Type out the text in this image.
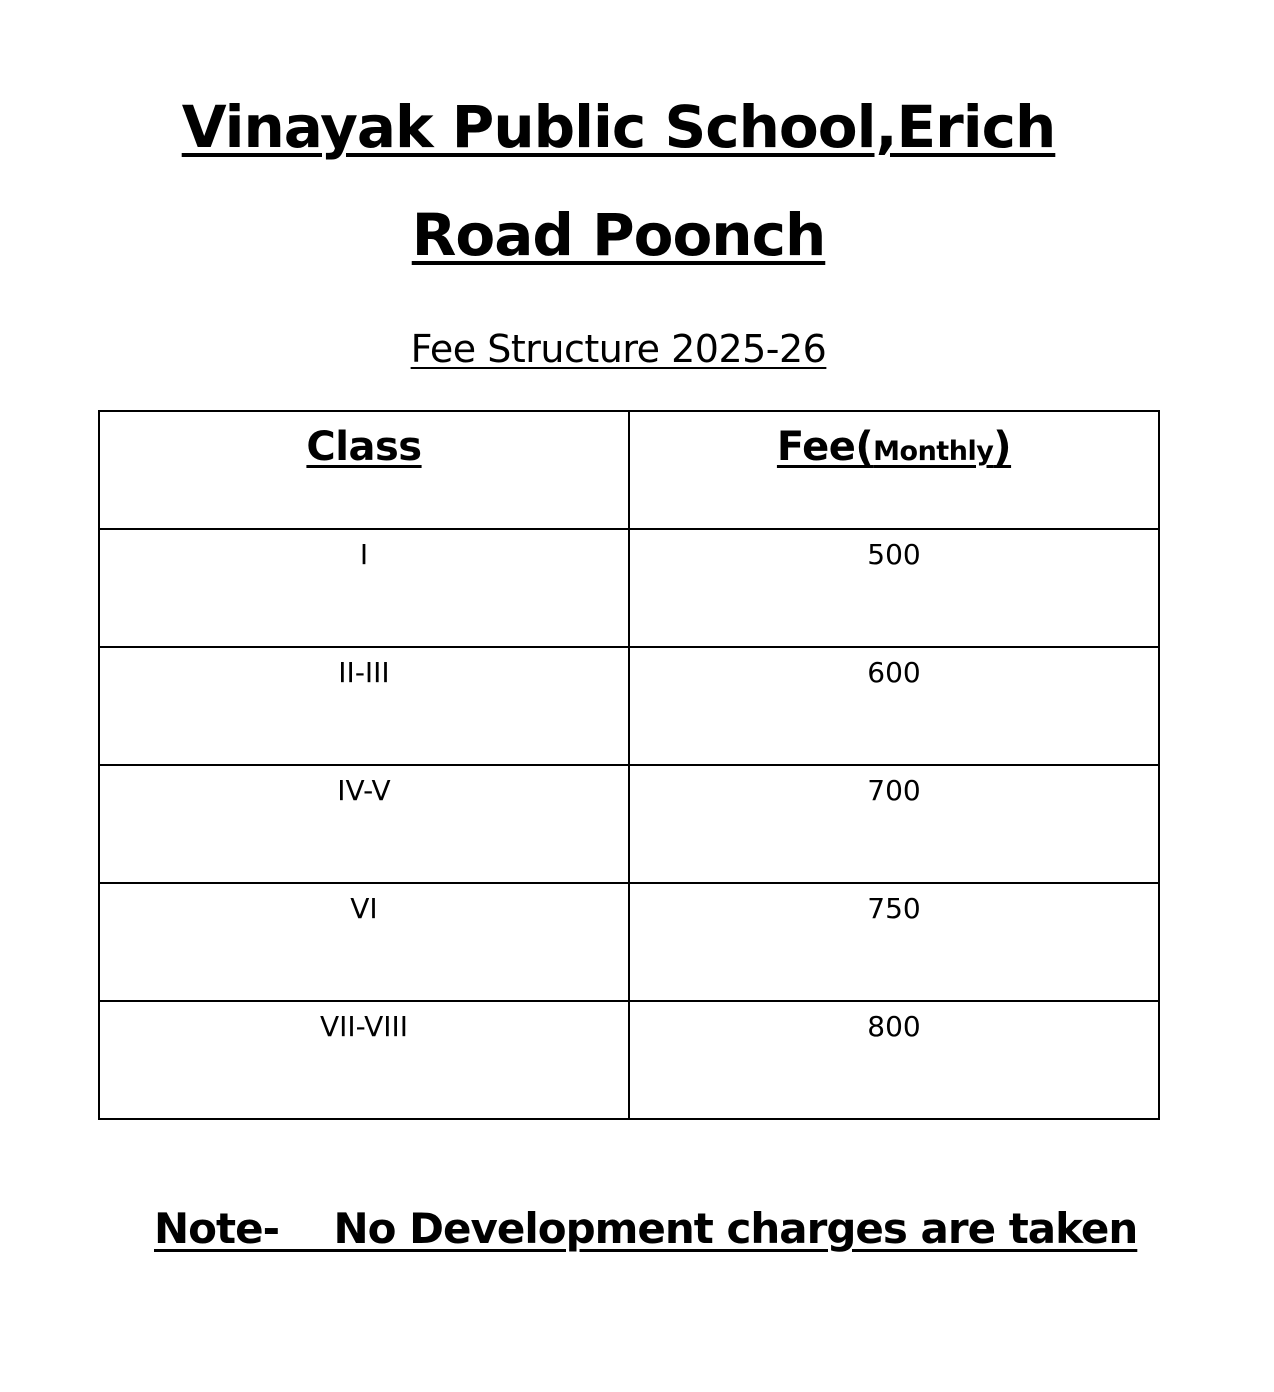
Vinayak Public School,Erich
Road Poonch
Fee Structure 2025-26
Class	Fee(Monthly)
I	500
II-III	600
IV-V	700
VI	750
VII-VIII	800
Note- No Development charges are taken
